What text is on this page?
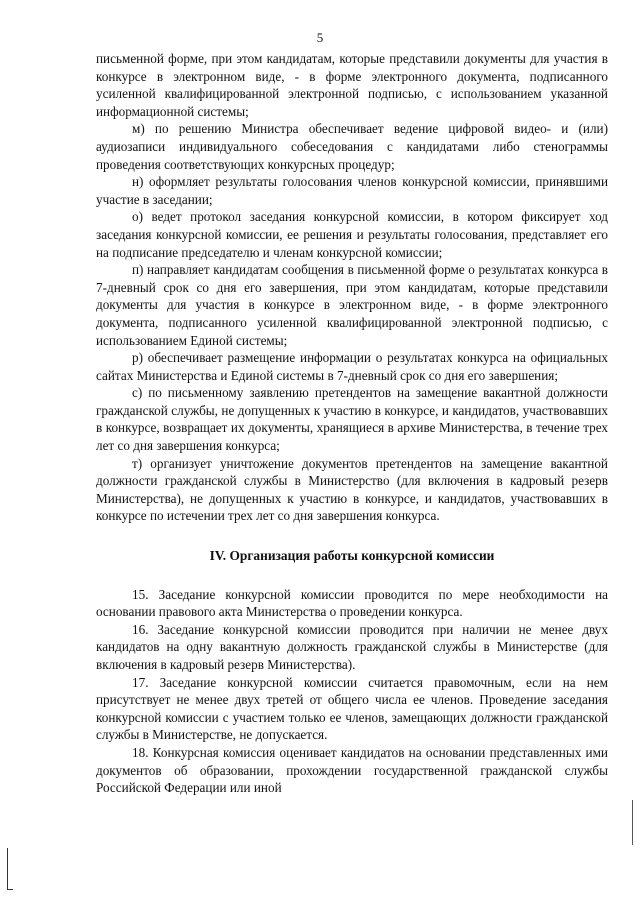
5

письменной форме, при этом кандидатам, которые представили документы для участия в конкурсе в электронном виде, - в форме электронного документа, подписанного усиленной квалифицированной электронной подписью, с использованием указанной информационной системы;

м) по решению Министра обеспечивает ведение цифровой видео- и (или) аудиозаписи индивидуального собеседования с кандидатами либо стенограммы проведения соответствующих конкурсных процедур;

н) оформляет результаты голосования членов конкурсной комиссии, принявшими участие в заседании;

о) ведет протокол заседания конкурсной комиссии, в котором фиксирует ход заседания конкурсной комиссии, ее решения и результаты голосования, представляет его на подписание председателю и членам конкурсной комиссии;

п) направляет кандидатам сообщения в письменной форме о результатах конкурса в 7-дневный срок со дня его завершения, при этом кандидатам, которые представили документы для участия в конкурсе в электронном виде, - в форме электронного документа, подписанного усиленной квалифицированной электронной подписью, с использованием Единой системы;

р) обеспечивает размещение информации о результатах конкурса на официальных сайтах Министерства и Единой системы в 7-дневный срок со дня его завершения;

с) по письменному заявлению претендентов на замещение вакантной должности гражданской службы, не допущенных к участию в конкурсе, и кандидатов, участвовавших в конкурсе, возвращает их документы, хранящиеся в архиве Министерства, в течение трех лет со дня завершения конкурса;

т) организует уничтожение документов претендентов на замещение вакантной должности гражданской службы в Министерство (для включения в кадровый резерв Министерства), не допущенных к участию в конкурсе, и кандидатов, участвовавших в конкурсе по истечении трех лет со дня завершения конкурса.

IV. Организация работы конкурсной комиссии

15. Заседание конкурсной комиссии проводится по мере необходимости на основании правового акта Министерства о проведении конкурса.

16. Заседание конкурсной комиссии проводится при наличии не менее двух кандидатов на одну вакантную должность гражданской службы в Министерстве (для включения в кадровый резерв Министерства).

17. Заседание конкурсной комиссии считается правомочным, если на нем присутствует не менее двух третей от общего числа ее членов. Проведение заседания конкурсной комиссии с участием только ее членов, замещающих должности гражданской службы в Министерстве, не допускается.

18. Конкурсная комиссия оценивает кандидатов на основании представленных ими документов об образовании, прохождении государственной гражданской службы Российской Федерации или иной
